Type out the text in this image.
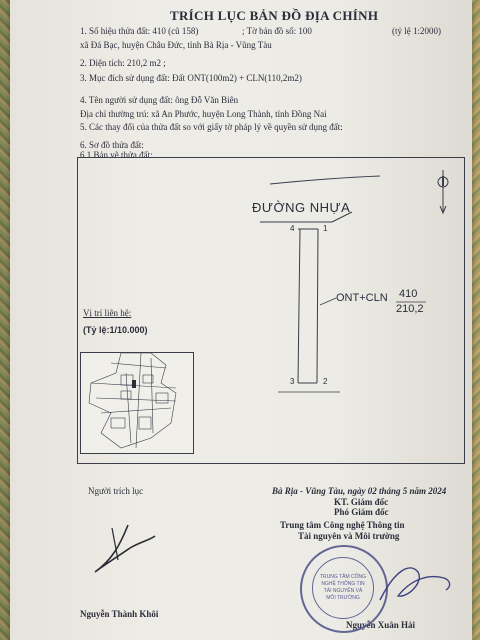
TRÍCH LỤC BẢN ĐỒ ĐỊA CHÍNH
1. Số hiệu thửa đất: 410 (cũ 158)	; Tờ bản đồ số: 100	(tỷ lệ 1:2000)
xã Đá Bạc, huyện Châu Đức, tỉnh Bà Rịa - Vũng Tàu
2. Diện tích: 210,2 m2 ;
3. Mục đích sử dụng đất: Đất ONT(100m2) + CLN(110,2m2)
4. Tên người sử dụng đất: ông Đỗ Văn Biên
Địa chỉ thường trú: xã An Phước, huyện Long Thành, tỉnh Đồng Nai
5. Các thay đổi của thửa đất so với giấy tờ pháp lý về quyền sử dụng đất:
6. Sơ đồ thửa đất:
6.1 Bản vẽ thửa đất:
ĐƯỜNG NHỰA
1
2
3
4
ONT+CLN 410
210,2
Vị trí liên hệ:
(Tỷ lệ:1/10.000)
Người trích lục
Nguyễn Thành Khôi
Bà Rịa - Vũng Tàu, ngày 02 tháng 5 năm 2024
KT. Giám đốc
Phó Giám đốc
Trung tâm Công nghệ Thông tin
Tài nguyên và Môi trường
Nguyễn Xuân Hải
TRUNG TÂM CÔNG NGHỆ THÔNG TIN TÀI NGUYÊN VÀ MÔI TRƯỜNG
